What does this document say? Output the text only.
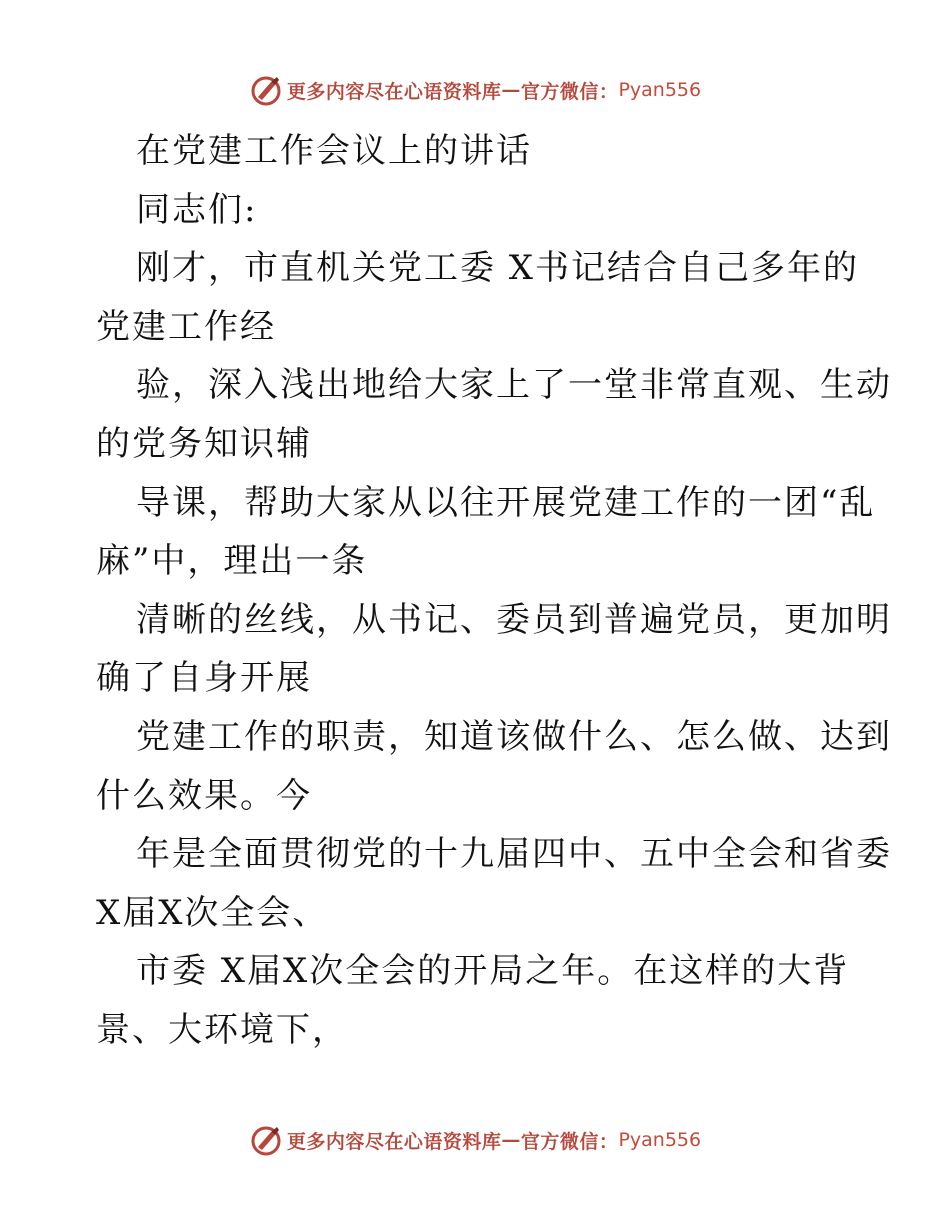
更多内容尽在心语资料库 — 官方微信： Pyan556
在党建工作会议上的讲话
同志们:
刚才，市直机关党工委 X书记结合自己多年的
党建工作经
验，深入浅出地给大家上了一堂非常直观、生动
的党务知识辅
导课，帮助大家从以往开展党建工作的一团“乱
麻”中，理出一条
清晰的丝线，从书记、委员到普遍党员，更加明
确了自身开展
党建工作的职责，知道该做什么、怎么做、达到
什么效果。今
年是全面贯彻党的十九届四中、五中全会和省委
X届X次全会、
市委 X届X次全会的开局之年。在这样的大背
景、大环境下，
更多内容尽在心语资料库 — 官方微信： Pyan556
